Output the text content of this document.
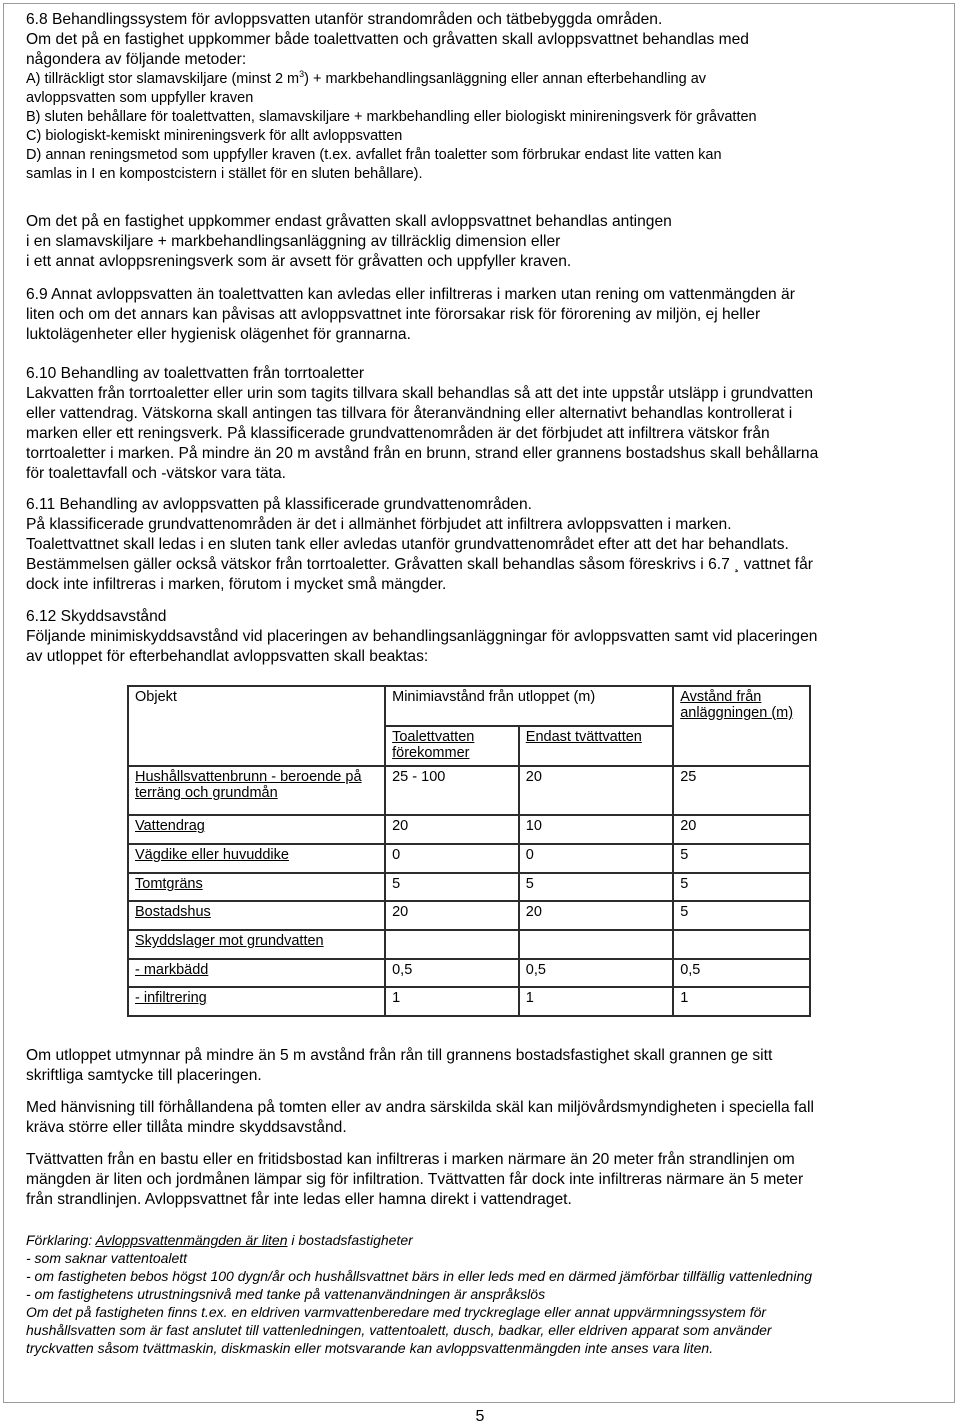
6.8 Behandlingssystem för avloppsvatten utanför strandområden och tätbebyggda områden.
Om det på en fastighet uppkommer både toalettvatten och gråvatten skall avloppsvattnet behandlas med
någondera av följande metoder:
A) tillräckligt stor slamavskiljare (minst 2 $m^3$) + markbehandlingsanläggning eller annan efterbehandling av
avloppsvatten som uppfyller kraven
B) sluten behållare för toalettvatten, slamavskiljare + markbehandling eller biologiskt minireningsverk för gråvatten
C) biologiskt-kemiskt minireningsverk för allt avloppsvatten
D) annan reningsmetod som uppfyller kraven (t.ex. avfallet från toaletter som förbrukar endast lite vatten kan
samlas in I en kompostcistern i stället för en sluten behållare).
Om det på en fastighet uppkommer endast gråvatten skall avloppsvattnet behandlas antingen
i en slamavskiljare + markbehandlingsanläggning av tillräcklig dimension eller
i ett annat avloppsreningsverk som är avsett för gråvatten och uppfyller kraven.
6.9 Annat avloppsvatten än toalettvatten kan avledas eller infiltreras i marken utan rening om vattenmängden är
liten och om det annars kan påvisas att avloppsvattnet inte förorsakar risk för förorening av miljön, ej heller
luktolägenheter eller hygienisk olägenhet för grannarna.
6.10 Behandling av toalettvatten från torrtoaletter
Lakvatten från torrtoaletter eller urin som tagits tillvara skall behandlas så att det inte uppstår utsläpp i grundvatten
eller vattendrag. Vätskorna skall antingen tas tillvara för återanvändning eller alternativt behandlas kontrollerat i
marken eller ett reningsverk. På klassificerade grundvattenområden är det förbjudet att infiltrera vätskor från
torrtoaletter i marken. På mindre än 20 m avstånd från en brunn, strand eller grannens bostadshus skall behållarna
för toalettavfall och -vätskor vara täta.
6.11 Behandling av avloppsvatten på klassificerade grundvattenområden.
På klassificerade grundvattenområden är det i allmänhet förbjudet att infiltrera avloppsvatten i marken.
Toalettvattnet skall ledas i en sluten tank eller avledas utanför grundvattenområdet efter att det har behandlats.
Bestämmelsen gäller också vätskor från torrtoaletter. Gråvatten skall behandlas såsom föreskrivs i 6.7 ¸ vattnet får
dock inte infiltreras i marken, förutom i mycket små mängder.
6.12 Skyddsavstånd
Följande minimiskyddsavstånd vid placeringen av behandlingsanläggningar för avloppsvatten samt vid placeringen
av utloppet för efterbehandlat avloppsvatten skall beaktas:
Objekt	Minimiavstånd från utloppet (m)		Avstånd från anläggningen (m)
	Toalettvatten förekommer	Endast tvättvatten	
Hushållsvattenbrunn - beroende på terräng och grundmån	25 - 100	20	25
Vattendrag	20	10	20
Vägdike eller huvuddike	0	0	5
Tomtgräns	5	5	5
Bostadshus	20	20	5
Skyddslager mot grundvatten			
- markbädd	0,5	0,5	0,5
- infiltrering	1	1	1
Om utloppet utmynnar på mindre än 5 m avstånd från rån till grannens bostadsfastighet skall grannen ge sitt
skriftliga samtycke till placeringen.
Med hänvisning till förhållandena på tomten eller av andra särskilda skäl kan miljövårdsmyndigheten i speciella fall
kräva större eller tillåta mindre skyddsavstånd.
Tvättvatten från en bastu eller en fritidsbostad kan infiltreras i marken närmare än 20 meter från strandlinjen om
mängden är liten och jordmånen lämpar sig för infiltration. Tvättvatten får dock inte infiltreras närmare än 5 meter
från strandlinjen. Avloppsvattnet får inte ledas eller hamna direkt i vattendraget.
Förklaring: Avloppsvattenmängden är liten i bostadsfastigheter
- som saknar vattentoalett
- om fastigheten bebos högst 100 dygn/år och hushållsvattnet bärs in eller leds med en därmed jämförbar tillfällig vattenledning
- om fastighetens utrustningsnivå med tanke på vattenanvändningen är anspråkslös
Om det på fastigheten finns t.ex. en eldriven varmvattenberedare med tryckreglage eller annat uppvärmningssystem för
hushållsvatten som är fast anslutet till vattenledningen, vattentoalett, dusch, badkar, eller eldriven apparat som använder
tryckvatten såsom tvättmaskin, diskmaskin eller motsvarande kan avloppsvattenmängden inte anses vara liten.
5
